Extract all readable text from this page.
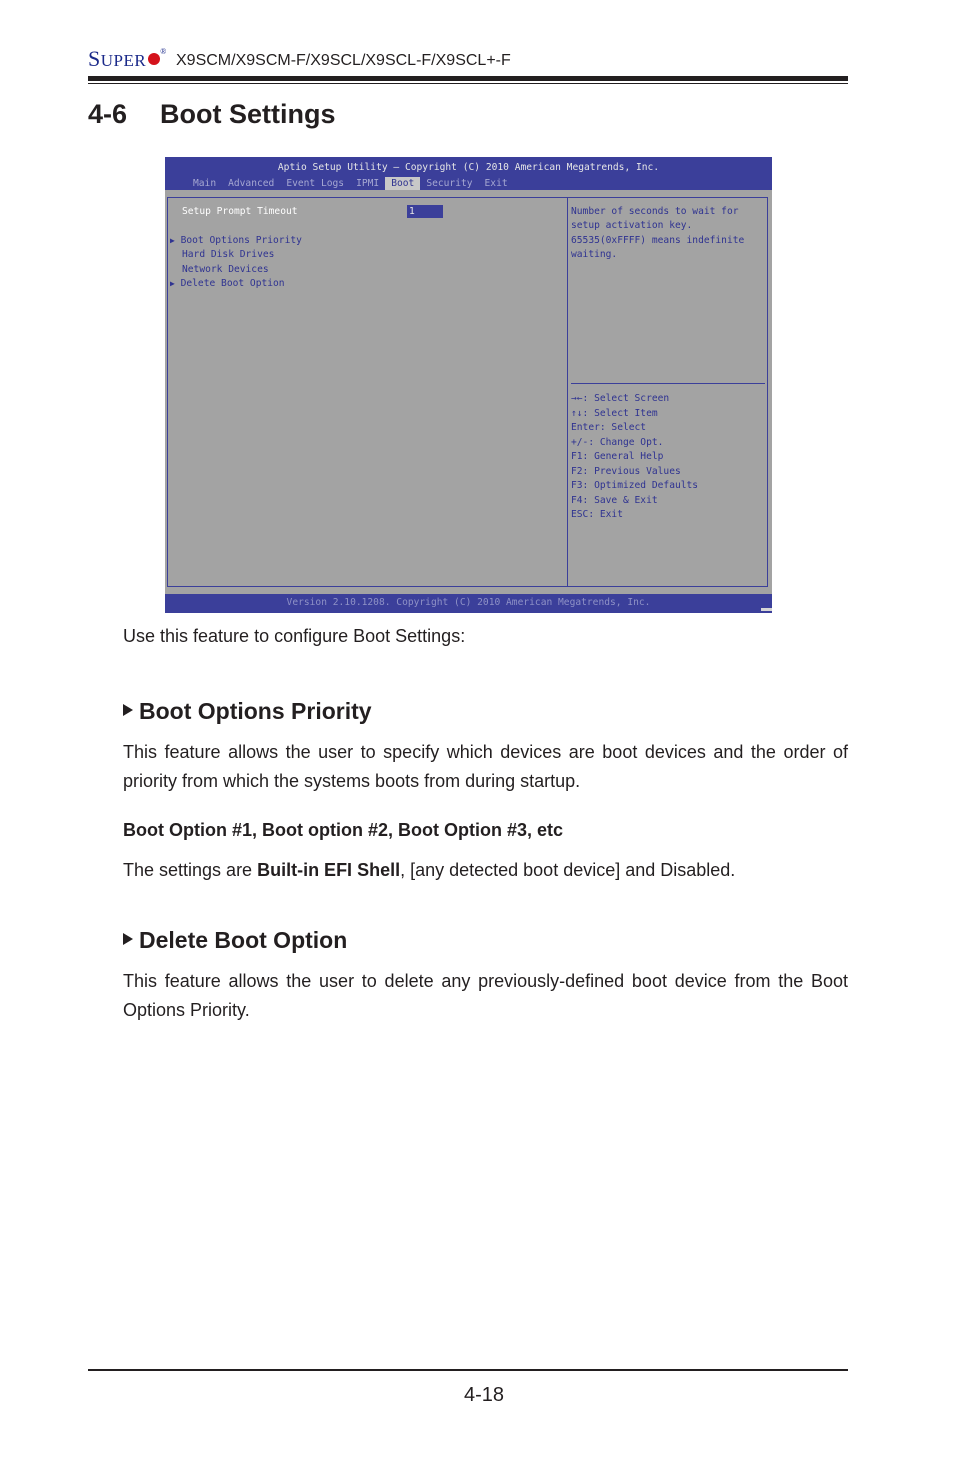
SUPER ®
X9SCM/X9SCM-F/X9SCL/X9SCL-F/X9SCL+-F
4-6 Boot Settings
Aptio Setup Utility – Copyright (C) 2010 American Megatrends, Inc.
Main	Advanced	Event Logs	IPMI	Boot	Security	Exit
Setup Prompt Timeout	1
▶ Boot Options Priority
Hard Disk Drives
Network Devices
▶ Delete Boot Option
Number of seconds to wait for
setup activation key.
65535(0xFFFF) means indefinite
waiting.
→←: Select Screen
↑↓: Select Item
Enter: Select
+/-: Change Opt.
F1: General Help
F2: Previous Values
F3: Optimized Defaults
F4: Save & Exit
ESC: Exit
Version 2.10.1208. Copyright (C) 2010 American Megatrends, Inc.
Use this feature to configure Boot Settings:
Boot Options Priority
This feature allows the user to specify which devices are boot devices and the order of priority from which the systems boots from during startup.
Boot Option #1, Boot option #2, Boot Option #3, etc
The settings are Built-in EFI Shell, [any detected boot device] and Disabled.
Delete Boot Option
This feature allows the user to delete any previously-defined boot device from the Boot Options Priority.
4-18
